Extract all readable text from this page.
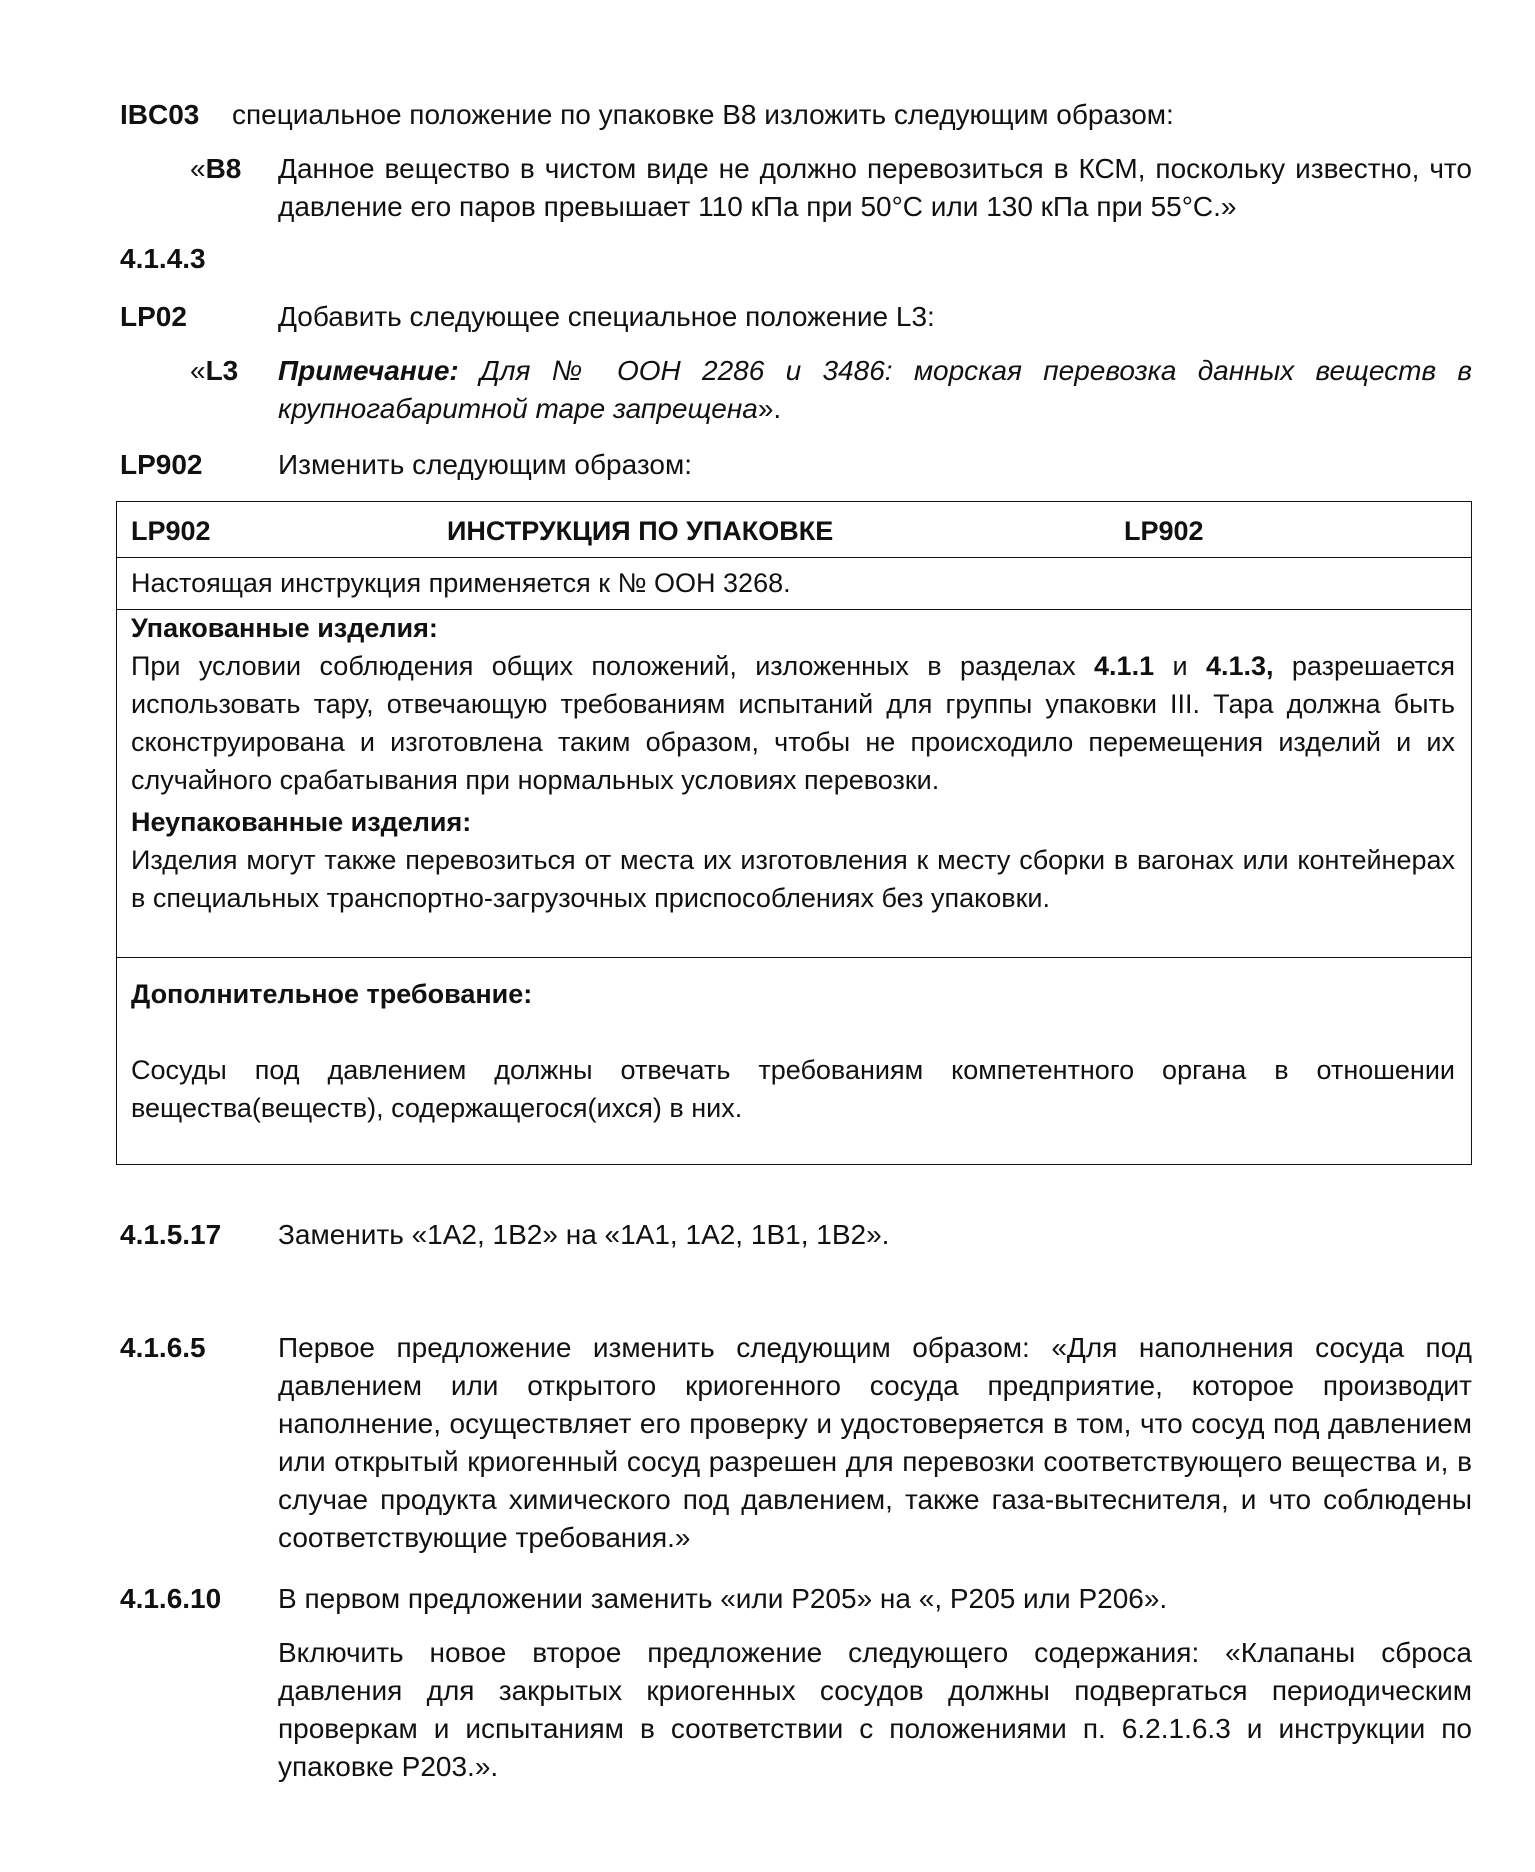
IBC03 специальное положение по упаковке B8 изложить следующим образом:
«B8 Данное вещество в чистом виде не должно перевозиться в КСМ, поскольку известно, что давление его паров превышает 110 кПа при 50°C или 130 кПа при 55°C.»
4.1.4.3
LP02	Добавить следующее специальное положение L3:
«L3 Примечание: Для № ООН 2286 и 3486: морская перевозка данных веществ в крупногабаритной таре запрещена».
LP902	Изменить следующим образом:
LP902	ИНСТРУКЦИЯ ПО УПАКОВКЕ	LP902
Настоящая инструкция применяется к № ООН 3268.
Упакованные изделия:
При условии соблюдения общих положений, изложенных в разделах 4.1.1 и 4.1.3, разрешается использовать тару, отвечающую требованиям испытаний для группы упаковки III. Тара должна быть сконструирована и изготовлена таким образом, чтобы не происходило перемещения изделий и их случайного срабатывания при нормальных условиях перевозки.
Неупакованные изделия:
Изделия могут также перевозиться от места их изготовления к месту сборки в вагонах или контейнерах в специальных транспортно-загрузочных приспособлениях без упаковки.
Дополнительное требование:
Сосуды под давлением должны отвечать требованиям компетентного органа в отношении вещества(веществ), содержащегося(ихся) в них.
4.1.5.17 Заменить «1A2, 1B2» на «1A1, 1A2, 1B1, 1B2».
4.1.6.5	Первое предложение изменить следующим образом: «Для наполнения сосуда под давлением или открытого криогенного сосуда предприятие, которое производит наполнение, осуществляет его проверку и удостоверяется в том, что сосуд под давлением или открытый криогенный сосуд разрешен для перевозки соответствующего вещества и, в случае продукта химического под давлением, также газа-вытеснителя, и что соблюдены соответствующие требования.»
4.1.6.10 В первом предложении заменить «или P205» на «, P205 или P206».
Включить новое второе предложение следующего содержания: «Клапаны сброса давления для закрытых криогенных сосудов должны подвергаться периодическим проверкам и испытаниям в соответствии с положениями п. 6.2.1.6.3 и инструкции по упаковке P203.».
